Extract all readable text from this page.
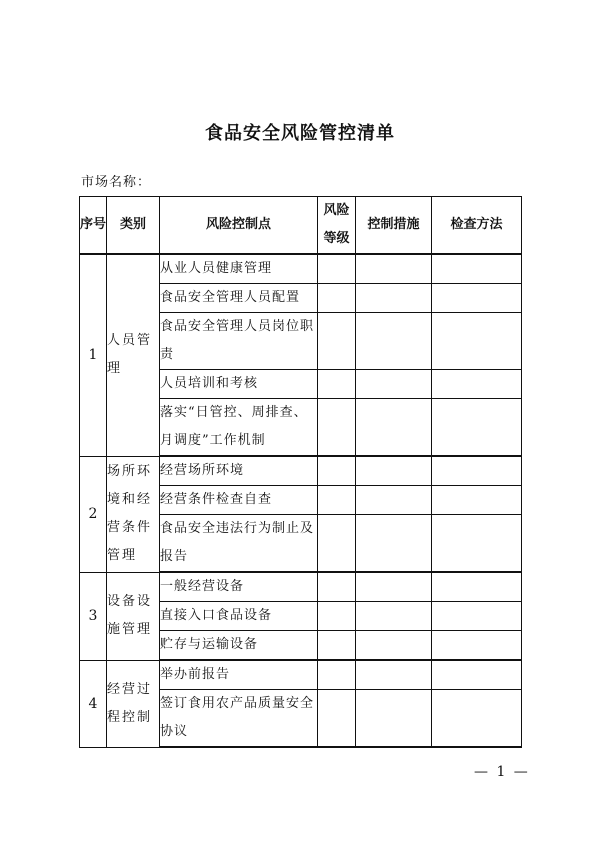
食品安全风险管控清单
市场名称：
序号	类别	风险控制点	风险等级	控制措施	检查方法
1	人员管理	从业人员健康管理			
		食品安全管理人员配置			
		食品安全管理人员岗位职责			
		人员培训和考核			
		落实“日管控、周排查、月调度”工作机制			
2	场所环境和经营条件管理	经营场所环境			
		经营条件检查自查			
		食品安全违法行为制止及报告			
3	设备设施管理	一般经营设备			
		直接入口食品设备			
		贮存与运输设备			
4	经营过程控制	举办前报告			
		签订食用农产品质量安全协议			
— 1 —
